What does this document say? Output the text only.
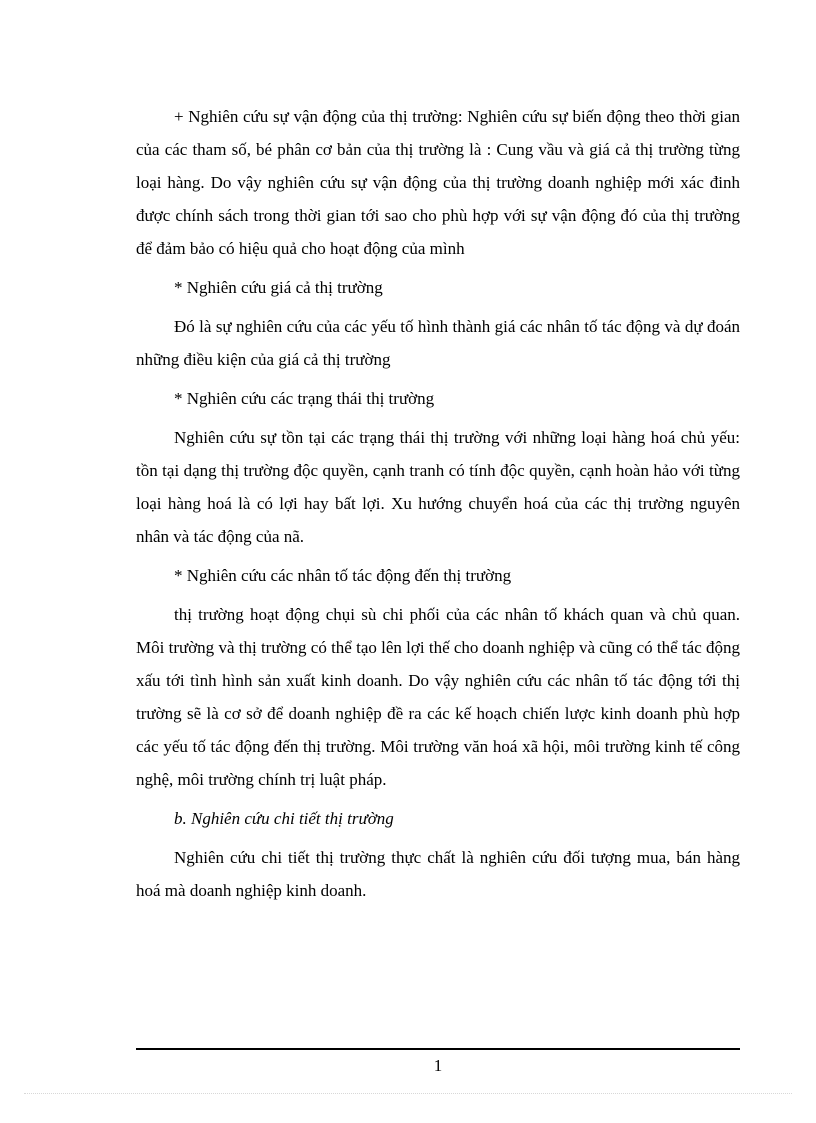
+ Nghiên cứu sự vận động của thị trường: Nghiên cứu sự biến động theo thời gian của các tham số, bé phân cơ bản của thị trường là : Cung vầu và giá cả thị trường từng loại hàng. Do vậy nghiên cứu sự vận động của thị trường doanh nghiệp mới xác đinh được chính sách trong thời gian tới sao cho phù hợp với sự vận động đó của thị trường để đảm bảo có hiệu quả cho hoạt động của mình

* Nghiên cứu giá cả thị trường

Đó là sự nghiên cứu của các yếu tố hình thành giá các nhân tố tác động và dự đoán những điều kiện của giá cả thị trường

* Nghiên cứu các trạng thái thị trường

Nghiên cứu sự tồn tại các trạng thái thị trường với những loại hàng hoá chủ yếu: tồn tại dạng thị trường độc quyền, cạnh tranh có tính độc quyền, cạnh hoàn hảo với từng loại hàng hoá là có lợi hay bất lợi. Xu hướng chuyển hoá của các thị trường nguyên nhân và tác động của nã.

* Nghiên cứu các nhân tố tác động đến thị trường

thị trường hoạt động chụi sù chi phối của các nhân tố khách quan và chủ quan. Môi trường và thị trường có thể tạo lên lợi thế cho doanh nghiệp và cũng có thể tác động xấu tới tình hình sản xuất kinh doanh. Do vậy nghiên cứu các nhân tố tác động tới thị trường sẽ là cơ sở để doanh nghiệp đề ra các kế hoạch chiến lược kinh doanh phù hợp các yếu tố tác động đến thị trường. Môi trường văn hoá xã hội, môi trường kinh tế công nghệ, môi trường chính trị luật pháp.

b. Nghiên cứu chi tiết thị trường

Nghiên cứu chi tiết thị trường thực chất là nghiên cứu đối tượng mua, bán hàng hoá mà doanh nghiệp kinh doanh.

1
